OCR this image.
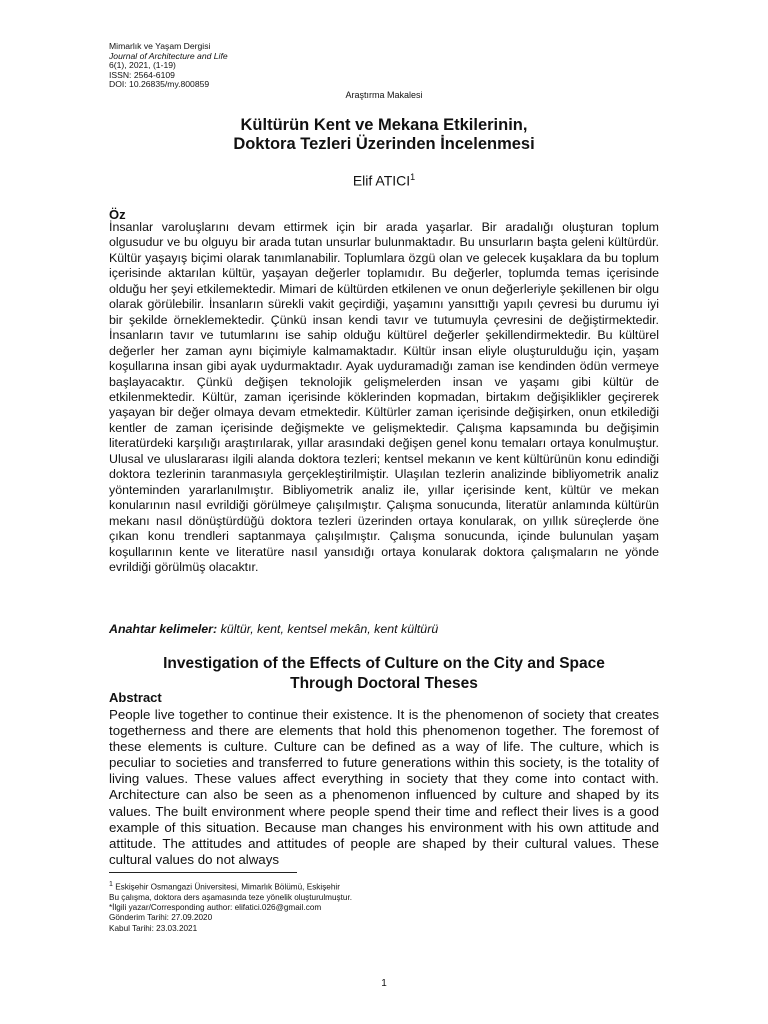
Mimarlık ve Yaşam Dergisi
Journal of Architecture and Life
6(1), 2021, (1-19)
ISSN: 2564-6109
DOI: 10.26835/my.800859
Araştırma Makalesi
Kültürün Kent ve Mekana Etkilerinin,
Doktora Tezleri Üzerinden İncelenmesi
Elif ATICI$^1$
Öz
İnsanlar varoluşlarını devam ettirmek için bir arada yaşarlar. Bir aradalığı oluşturan toplum olgusudur ve bu olguyu bir arada tutan unsurlar bulunmaktadır. Bu unsurların başta geleni kültürdür. Kültür yaşayış biçimi olarak tanımlanabilir. Toplumlara özgü olan ve gelecek kuşaklara da bu toplum içerisinde aktarılan kültür, yaşayan değerler toplamıdır. Bu değerler, toplumda temas içerisinde olduğu her şeyi etkilemektedir. Mimari de kültürden etkilenen ve onun değerleriyle şekillenen bir olgu olarak görülebilir. İnsanların sürekli vakit geçirdiği, yaşamını yansıttığı yapılı çevresi bu durumu iyi bir şekilde örneklemektedir. Çünkü insan kendi tavır ve tutumuyla çevresini de değiştirmektedir. İnsanların tavır ve tutumlarını ise sahip olduğu kültürel değerler şekillendirmektedir. Bu kültürel değerler her zaman aynı biçimiyle kalmamaktadır. Kültür insan eliyle oluşturulduğu için, yaşam koşullarına insan gibi ayak uydurmaktadır. Ayak uyduramadığı zaman ise kendinden ödün vermeye başlayacaktır. Çünkü değişen teknolojik gelişmelerden insan ve yaşamı gibi kültür de etkilenmektedir. Kültür, zaman içerisinde köklerinden kopmadan, birtakım değişiklikler geçirerek yaşayan bir değer olmaya devam etmektedir. Kültürler zaman içerisinde değişirken, onun etkilediği kentler de zaman içerisinde değişmekte ve gelişmektedir. Çalışma kapsamında bu değişimin literatürdeki karşılığı araştırılarak, yıllar arasındaki değişen genel konu temaları ortaya konulmuştur. Ulusal ve uluslararası ilgili alanda doktora tezleri; kentsel mekanın ve kent kültürünün konu edindiği doktora tezlerinin taranmasıyla gerçekleştirilmiştir. Ulaşılan tezlerin analizinde bibliyometrik analiz yönteminden yararlanılmıştır. Bibliyometrik analiz ile, yıllar içerisinde kent, kültür ve mekan konularının nasıl evrildiği görülmeye çalışılmıştır. Çalışma sonucunda, literatür anlamında kültürün mekanı nasıl dönüştürdüğü doktora tezleri üzerinden ortaya konularak, on yıllık süreçlerde öne çıkan konu trendleri saptanmaya çalışılmıştır. Çalışma sonucunda, içinde bulunulan yaşam koşullarının kente ve literatüre nasıl yansıdığı ortaya konularak doktora çalışmaların ne yönde evrildiği görülmüş olacaktır.
Anahtar kelimeler: kültür, kent, kentsel mekân, kent kültürü
Investigation of the Effects of Culture on the City and Space
Through Doctoral Theses
Abstract
People live together to continue their existence. It is the phenomenon of society that creates togetherness and there are elements that hold this phenomenon together. The foremost of these elements is culture. Culture can be defined as a way of life. The culture, which is peculiar to societies and transferred to future generations within this society, is the totality of living values. These values affect everything in society that they come into contact with. Architecture can also be seen as a phenomenon influenced by culture and shaped by its values. The built environment where people spend their time and reflect their lives is a good example of this situation. Because man changes his environment with his own attitude and attitude. The attitudes and attitudes of people are shaped by their cultural values. These cultural values do not always
$^1$ Eskişehir Osmangazi Üniversitesi, Mimarlık Bölümü, Eskişehir
Bu çalışma, doktora ders aşamasında teze yönelik oluşturulmuştur.
*İlgili yazar/Corresponding author: elifatici.026@gmail.com
Gönderim Tarihi: 27.09.2020
Kabul Tarihi: 23.03.2021
1
